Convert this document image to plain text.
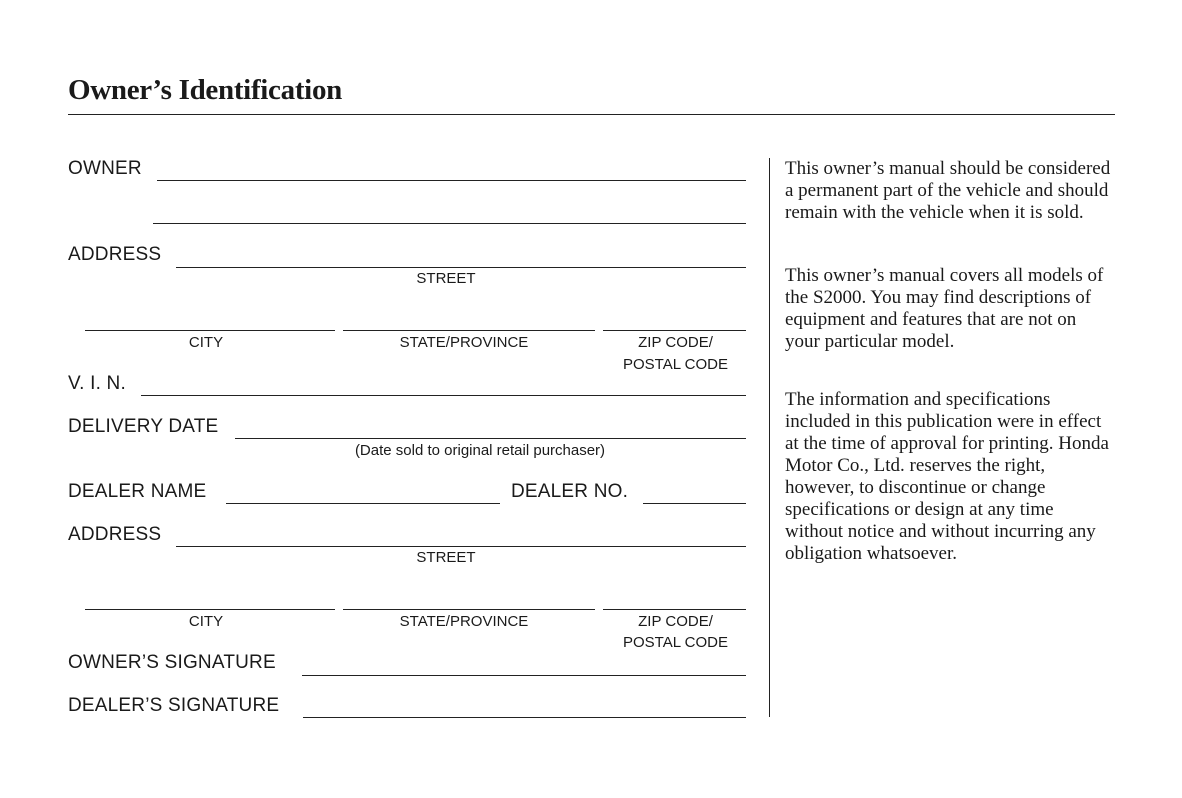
Owner’s Identification
OWNER
ADDRESS
STREET
CITY	STATE/PROVINCE	ZIP CODE/
POSTAL CODE
V. I. N.
DELIVERY DATE
(Date sold to original retail purchaser)
DEALER NAME	DEALER NO.
ADDRESS
STREET
CITY	STATE/PROVINCE	ZIP CODE/
POSTAL CODE
OWNER’S SIGNATURE
DEALER’S SIGNATURE

This owner’s manual should be considered a permanent part of the vehicle and should remain with the vehicle when it is sold.

This owner’s manual covers all models of the S2000. You may find descriptions of equipment and features that are not on your particular model.

The information and specifications included in this publication were in effect at the time of approval for printing. Honda Motor Co., Ltd. reserves the right, however, to discontinue or change specifications or design at any time without notice and without incurring any obligation whatsoever.
